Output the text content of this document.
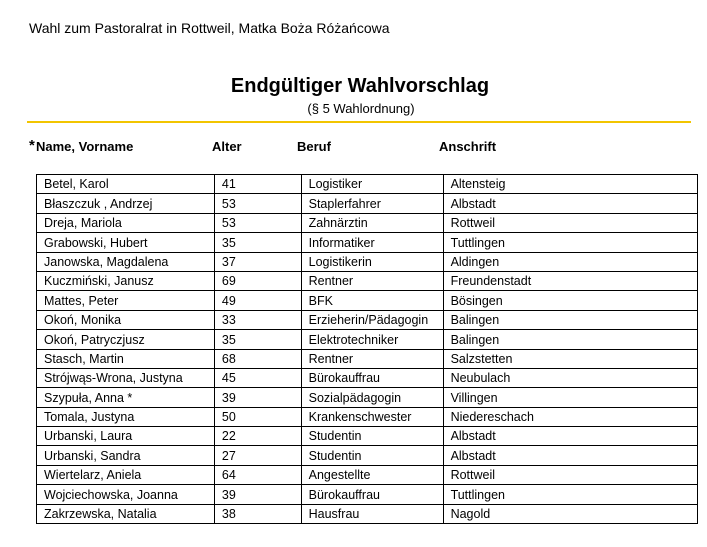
Wahl zum Pastoralrat in Rottweil, Matka Boża Różańcowa
Endgültiger Wahlvorschlag
(§ 5 Wahlordnung)
* Name, Vorname	Alter	Beruf	Anschrift
Betel, Karol	41	Logistiker	Altensteig
Błaszczuk , Andrzej	53	Staplerfahrer	Albstadt
Dreja, Mariola	53	Zahnärztin	Rottweil
Grabowski, Hubert	35	Informatiker	Tuttlingen
Janowska, Magdalena	37	Logistikerin	Aldingen
Kuczmiński, Janusz	69	Rentner	Freundenstadt
Mattes, Peter	49	BFK	Bösingen
Okoń, Monika	33	Erzieherin/Pädagogin	Balingen
Okoń, Patryczjusz	35	Elektrotechniker	Balingen
Stasch, Martin	68	Rentner	Salzstetten
Strójwąs-Wrona, Justyna	45	Bürokauffrau	Neubulach
Szypuła, Anna *	39	Sozialpädagogin	Villingen
Tomala, Justyna	50	Krankenschwester	Niedereschach
Urbanski, Laura	22	Studentin	Albstadt
Urbanski, Sandra	27	Studentin	Albstadt
Wiertelarz, Aniela	64	Angestellte	Rottweil
Wojciechowska, Joanna	39	Bürokauffrau	Tuttlingen
Zakrzewska, Natalia	38	Hausfrau	Nagold
